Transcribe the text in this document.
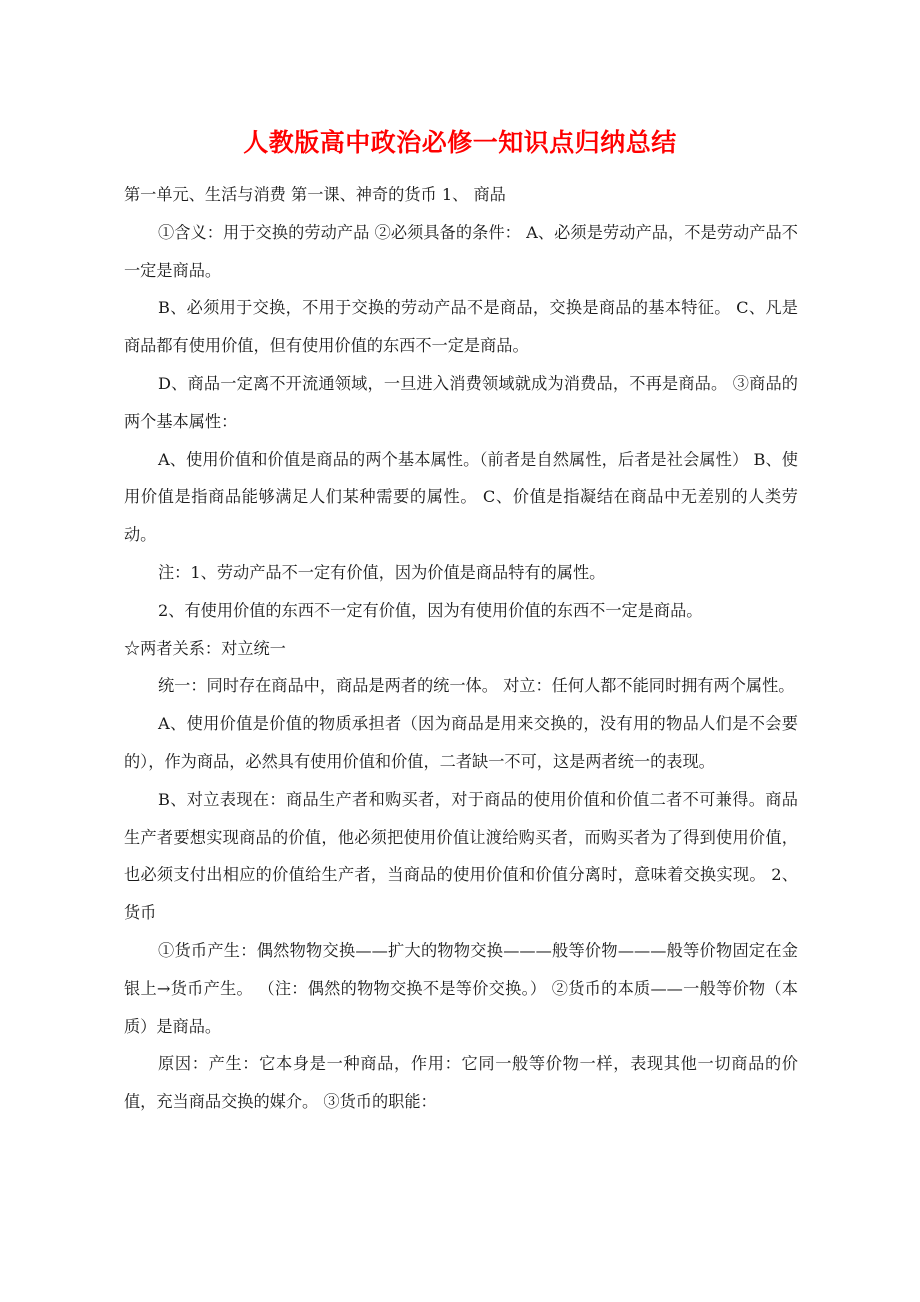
人教版高中政治必修一知识点归纳总结

第一单元、生活与消费 第一课、神奇的货币 1、 商品

①含义：用于交换的劳动产品 ②必须具备的条件： A、必须是劳动产品，不是劳动产品不一定是商品。

B、必须用于交换，不用于交换的劳动产品不是商品，交换是商品的基本特征。 C、凡是商品都有使用价值，但有使用价值的东西不一定是商品。

D、商品一定离不开流通领域，一旦进入消费领域就成为消费品，不再是商品。 ③商品的两个基本属性：

A、使用价值和价值是商品的两个基本属性。（前者是自然属性，后者是社会属性） B、使用价值是指商品能够满足人们某种需要的属性。 C、价值是指凝结在商品中无差别的人类劳动。

注：1、劳动产品不一定有价值，因为价值是商品特有的属性。

2、有使用价值的东西不一定有价值，因为有使用价值的东西不一定是商品。

☆两者关系：对立统一

统一：同时存在商品中，商品是两者的统一体。 对立：任何人都不能同时拥有两个属性。

A、使用价值是价值的物质承担者（因为商品是用来交换的，没有用的物品人们是不会要的），作为商品，必然具有使用价值和价值，二者缺一不可，这是两者统一的表现。

B、对立表现在：商品生产者和购买者，对于商品的使用价值和价值二者不可兼得。商品生产者要想实现商品的价值，他必须把使用价值让渡给购买者，而购买者为了得到使用价值，也必须支付出相应的价值给生产者，当商品的使用价值和价值分离时，意味着交换实现。 2、货币

①货币产生：偶然物物交换——扩大的物物交换———般等价物———般等价物固定在金银上→货币产生。 （注：偶然的物物交换不是等价交换。） ②货币的本质——一般等价物（本质）是商品。

原因：产生：它本身是一种商品，作用：它同一般等价物一样，表现其他一切商品的价值，充当商品交换的媒介。 ③货币的职能：
